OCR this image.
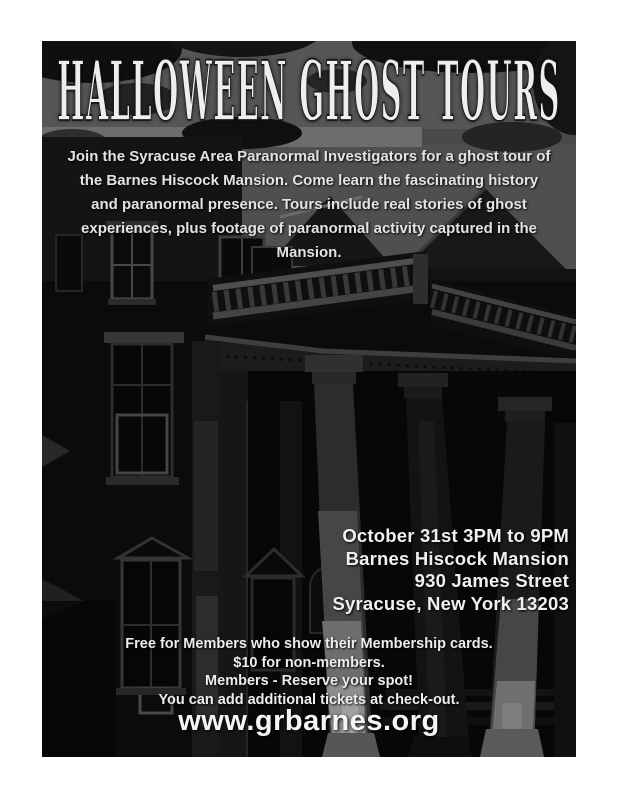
HALLOWEEN GHOST TOURS
Join the Syracuse Area Paranormal Investigators for a ghost tour of
the Barnes Hiscock Mansion. Come learn the fascinating history
and paranormal presence. Tours include real stories of ghost
experiences, plus footage of paranormal activity captured in the
Mansion.
October 31st 3PM to 9PM
Barnes Hiscock Mansion
930 James Street
Syracuse, New York 13203
Free for Members who show their Membership cards.
$10 for non-members.
Members - Reserve your spot!
You can add additional tickets at check-out.
www.grbarnes.org
